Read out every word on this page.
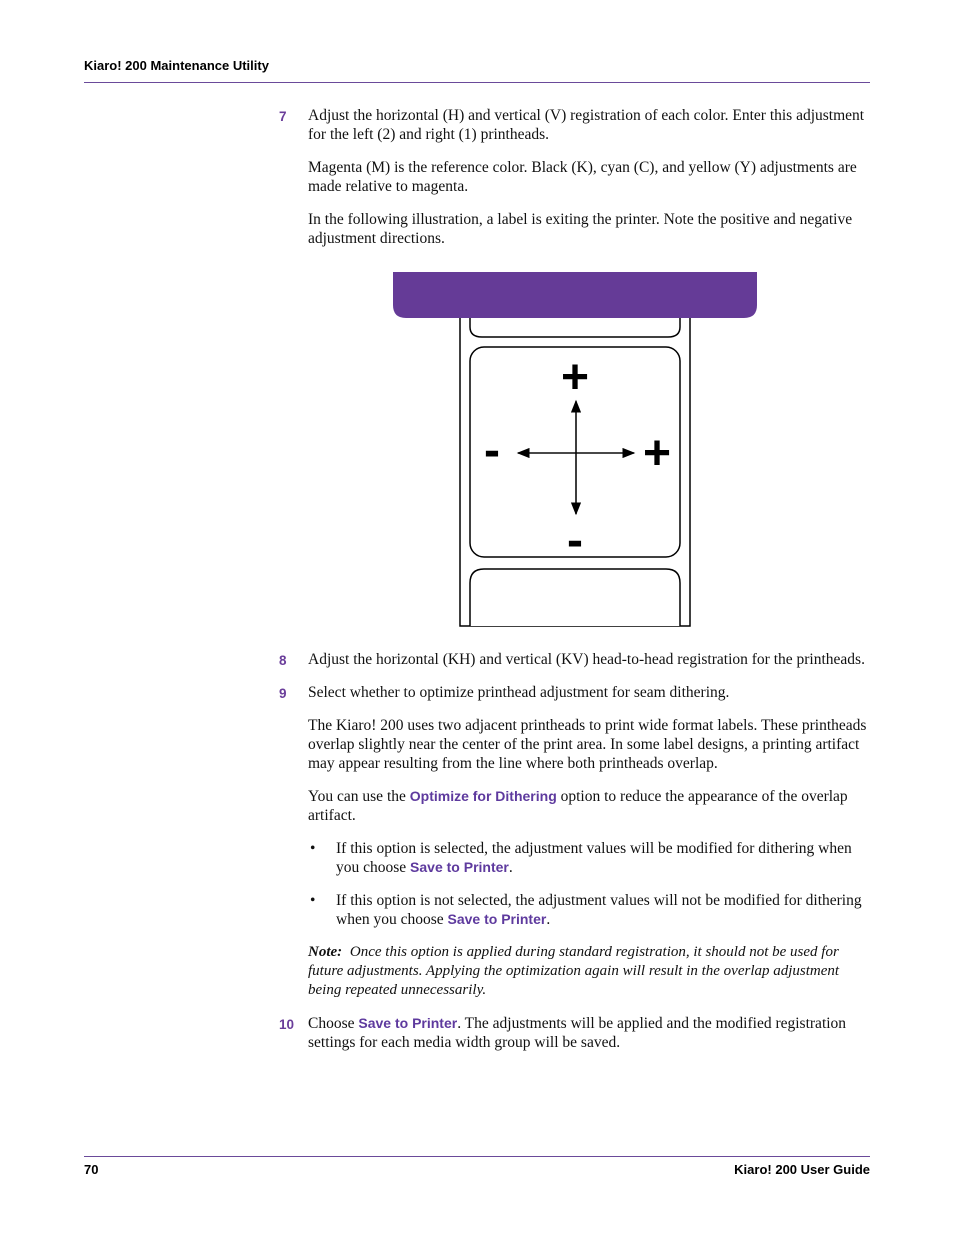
Kiaro! 200 Maintenance Utility

7 Adjust the horizontal (H) and vertical (V) registration of each color. Enter this adjustment for the left (2) and right (1) printheads.

Magenta (M) is the reference color. Black (K), cyan (C), and yellow (Y) adjustments are made relative to magenta.

In the following illustration, a label is exiting the printer. Note the positive and negative adjustment directions.

8 Adjust the horizontal (KH) and vertical (KV) head-to-head registration for the printheads.

9 Select whether to optimize printhead adjustment for seam dithering.

The Kiaro! 200 uses two adjacent printheads to print wide format labels. These printheads overlap slightly near the center of the print area. In some label designs, a printing artifact may appear resulting from the line where both printheads overlap.

You can use the Optimize for Dithering option to reduce the appearance of the overlap artifact.

• If this option is selected, the adjustment values will be modified for dithering when you choose Save to Printer.

• If this option is not selected, the adjustment values will not be modified for dithering when you choose Save to Printer.

Note: Once this option is applied during standard registration, it should not be used for future adjustments. Applying the optimization again will result in the overlap adjustment being repeated unnecessarily.

10 Choose Save to Printer. The adjustments will be applied and the modified registration settings for each media width group will be saved.

+
-	+
-
70	Kiaro! 200 User Guide
